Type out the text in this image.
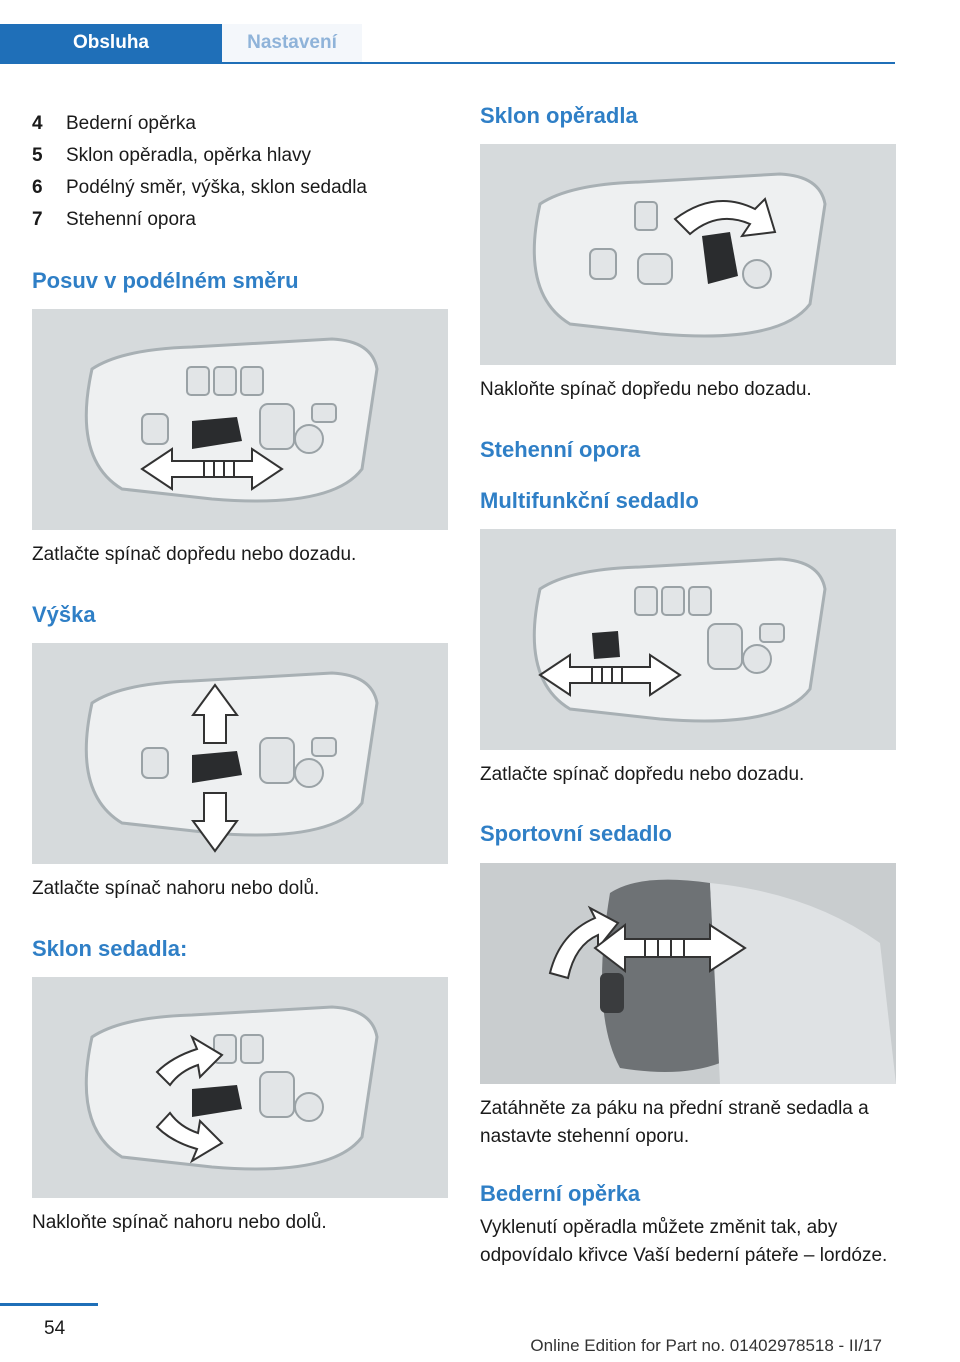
Obsluha	Nastavení
4 Bederní opěrka
5 Sklon opěradla, opěrka hlavy
6 Podélný směr, výška, sklon sedadla
7 Stehenní opora
Posuv v podélném směru
Zatlačte spínač dopředu nebo dozadu.
Výška
Zatlačte spínač nahoru nebo dolů.
Sklon sedadla:
Nakloňte spínač nahoru nebo dolů.
Sklon opěradla
Nakloňte spínač dopředu nebo dozadu.
Stehenní opora
Multifunkční sedadlo
Zatlačte spínač dopředu nebo dozadu.
Sportovní sedadlo
Zatáhněte za páku na přední straně sedadla a nastavte stehenní oporu.
Bederní opěrka
Vyklenutí opěradla můžete změnit tak, aby odpovídalo křivce Vaší bederní páteře – lordóze.
54
Online Edition for Part no. 01402978518 - II/17
